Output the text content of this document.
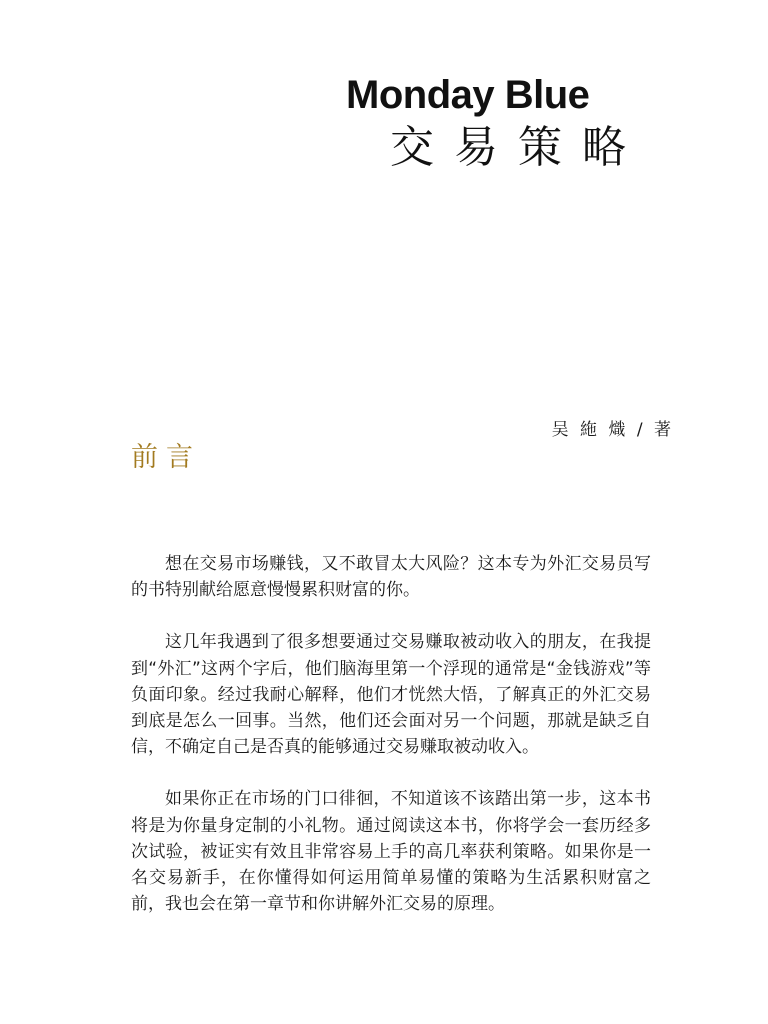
Monday Blue
交易策略
吴 絁 熾 / 著
前言

想在交易市场赚钱，又不敢冒太大风险？这本专为外汇交易员写的书特别献给愿意慢慢累积财富的你。

这几年我遇到了很多想要通过交易赚取被动收入的朋友，在我提到“外汇”这两个字后，他们脑海里第一个浮现的通常是“金钱游戏”等负面印象。经过我耐心解释，他们才恍然大悟，了解真正的外汇交易到底是怎么一回事。当然，他们还会面对另一个问题，那就是缺乏自信，不确定自己是否真的能够通过交易赚取被动收入。

如果你正在市场的门口徘徊，不知道该不该踏出第一步，这本书将是为你量身定制的小礼物。通过阅读这本书，你将学会一套历经多次试验，被证实有效且非常容易上手的高几率获利策略。如果你是一名交易新手，在你懂得如何运用简单易懂的策略为生活累积财富之前，我也会在第一章节和你讲解外汇交易的原理。
